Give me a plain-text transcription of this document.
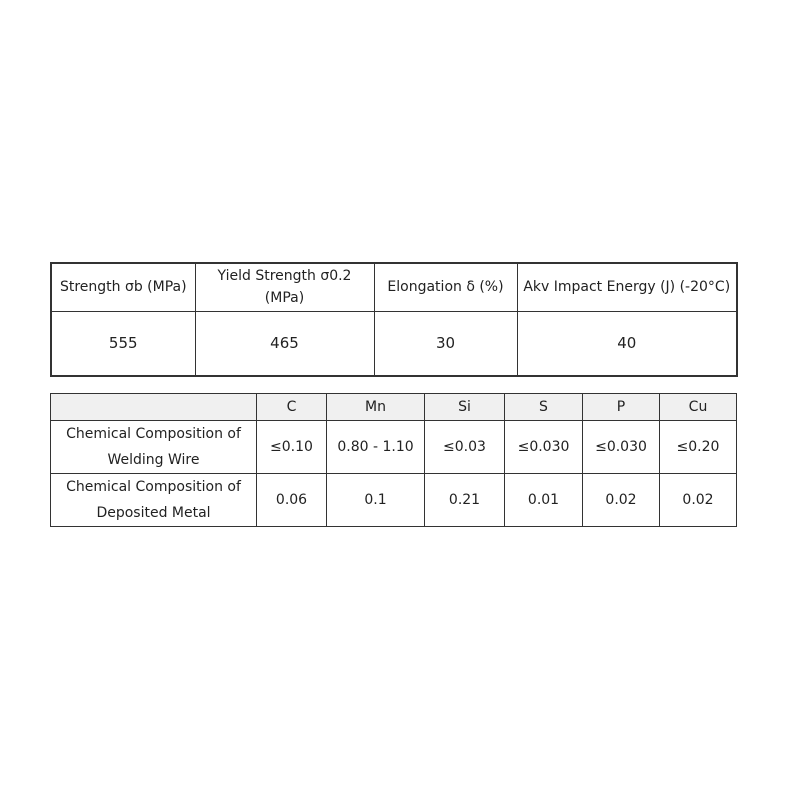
Strength σb (MPa)	Yield Strength σ0.2 (MPa)	Elongation δ (%)	Akv Impact Energy (J) (-20°C)
555	465	30	40
	C	Mn	Si	S	P	Cu
Chemical Composition of Welding Wire	≤0.10	0.80 - 1.10	≤0.03	≤0.030	≤0.030	≤0.20
Chemical Composition of Deposited Metal	0.06	0.1	0.21	0.01	0.02	0.02
